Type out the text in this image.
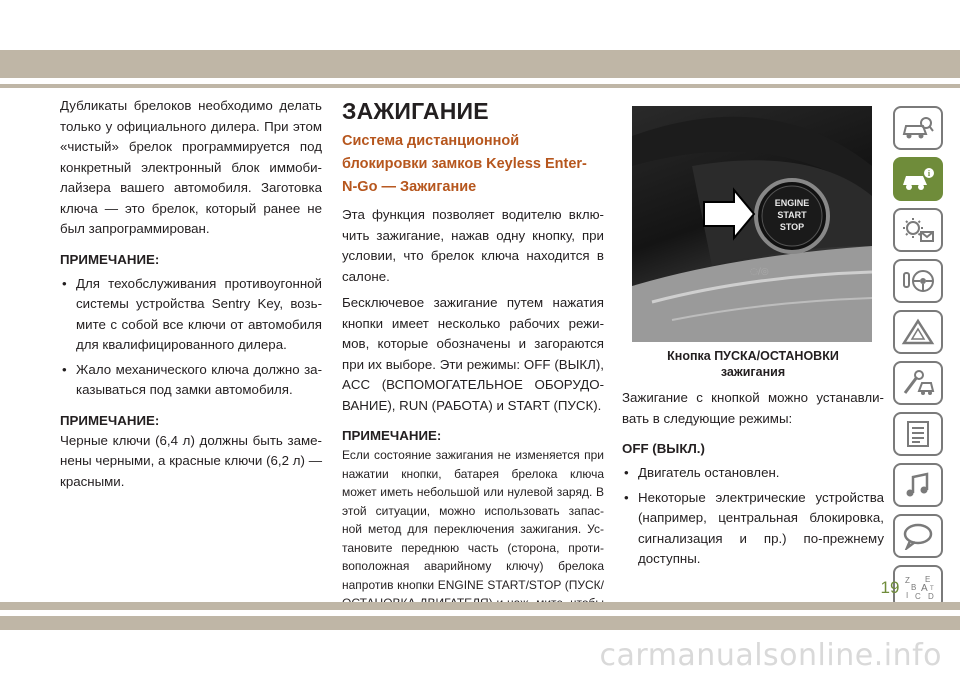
Дубликаты брелоков необходимо делать только у официального дилера. При этом «чистый» брелок программируется под конкретный электронный блок иммоби- лайзера вашего автомобиля. Заготовка ключа — это брелок, который ранее не был запрограммирован.

ПРИМЕЧАНИЕ:
• Для техобслуживания противоугонной системы устройства Sentry Key, возь- мите с собой все ключи от автомобиля для квалифицированного дилера.
• Жало механического ключа должно за- казываться под замки автомобиля.
ПРИМЕЧАНИЕ:

Черные ключи (6,4 л) должны быть заме- нены черными, а красные ключи (6,2 л) — красными.

ЗАЖИГАНИЕ
Система дистанционной блокировки замков Keyless Enter- N-Go — Зажигание

Эта функция позволяет водителю вклю- чить зажигание, нажав одну кнопку, при условии, что брелок ключа находится в салоне.

Бесключевое зажигание путем нажатия кнопки имеет несколько рабочих режи- мов, которые обозначены и загораются при их выборе. Эти режимы: OFF (ВЫКЛ), ACC (ВСПОМОГАТЕЛЬНОЕ ОБОРУДО- ВАНИЕ), RUN (РАБОТА) и START (ПУСК).

ПРИМЕЧАНИЕ:
Если состояние зажигания не изменяется при нажатии кнопки, батарея брелока ключа может иметь небольшой или нулевой заряд. В этой ситуации, можно использовать запас- ной метод для переключения зажигания. Ус- тановите переднюю часть (сторона, проти- воположная аварийному ключу) брелока напротив кнопки ENGINE START/STOP (ПУСК/
ENGINE
START
STOP
◌/◎
Кнопка ПУСКА/ОСТАНОВКИ
зажигания

Зажигание с кнопкой можно устанавли- вать в следующие режимы:

OFF (ВЫКЛ.)
• Двигатель остановлен.
• Некоторые электрические устройства (например, центральная блокировка, сигнализация и пр.) по-прежнему доступны.
i
Z E
B A
C D
I
T
19
carmanualsonline.info
